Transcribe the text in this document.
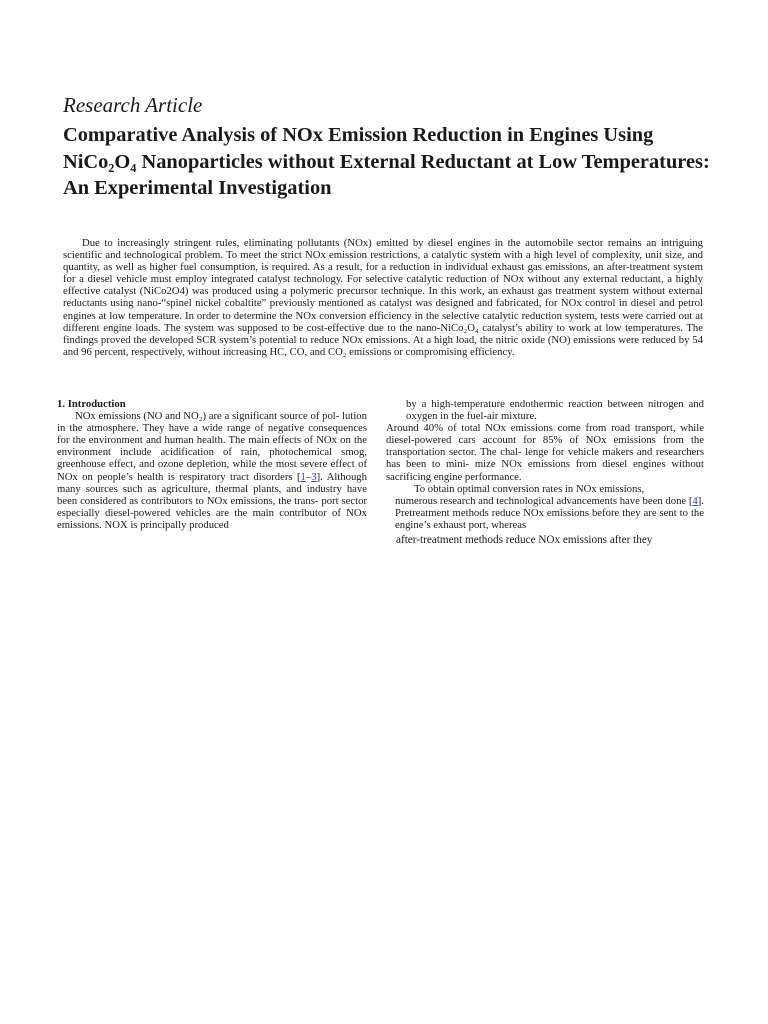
Research Article
Comparative Analysis of NOx Emission Reduction in Engines Using NiCo₂O₄ Nanoparticles without External Reductant at Low Temperatures: An Experimental Investigation

Due to increasingly stringent rules, eliminating pollutants (NOx) emitted by diesel engines in the automobile sector remains an intriguing scientific and technological problem. To meet the strict NOx emission restrictions, a catalytic system with a high level of complexity, unit size, and quantity, as well as higher fuel consumption, is required. As a result, for a reduction in individual exhaust gas emissions, an after-treatment system for a diesel vehicle must employ integrated catalyst technology. For selective catalytic reduction of NOx without any external reductant, a highly effective catalyst (NiCo2O4) was produced using a polymeric precursor technique. In this work, an exhaust gas treatment system without external reductants using nano-“spinel nickel cobaltite” previously mentioned as catalyst was designed and fabricated, for NOx control in diesel and petrol engines at low temperature. In order to determine the NOx conversion efficiency in the selective catalytic reduction system, tests were carried out at different engine loads. The system was supposed to be cost-effective due to the nano-NiCo₂O₄ catalyst’s ability to work at low temperatures. The findings proved the developed SCR system’s potential to reduce NOx emissions. At a high load, the nitric oxide (NO) emissions were reduced by 54 and 96 percent, respectively, without increasing HC, CO, and CO₂ emissions or compromising efficiency.

1. Introduction

NOx emissions (NO and NO₂) are a significant source of pol- lution in the atmosphere. They have a wide range of negative consequences for the environment and human health. The main effects of NOx on the environment include acidification of rain, photochemical smog, greenhouse effect, and ozone depletion, while the most severe effect of NOx on people’s health is respiratory tract disorders [1–3]. Although many sources such as agriculture, thermal plants, and industry have been considered as contributors to NOx emissions, the trans- port sector especially diesel-powered vehicles are the main contributor of NOx emissions. NOX is principally produced

by a high-temperature endothermic reaction between nitrogen and oxygen in the fuel-air mixture.

Around 40% of total NOx emissions come from road transport, while diesel-powered cars account for 85% of NOx emissions from the transportation sector. The chal- lenge for vehicle makers and researchers has been to mini- mize NOx emissions from diesel engines without sacrificing engine performance.

To obtain optimal conversion rates in NOx emissions,
numerous research and technological advancements have been done [4]. Pretreatment methods reduce NOx emissions before they are sent to the engine’s exhaust port, whereas

after-treatment methods reduce NOx emissions after they
